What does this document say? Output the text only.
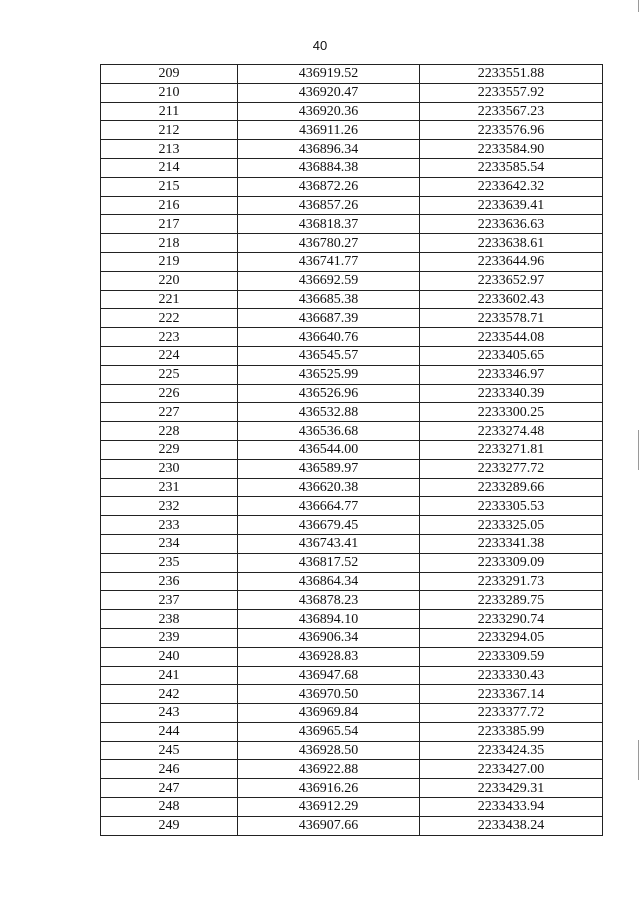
40
209	436919.52	2233551.88
210	436920.47	2233557.92
211	436920.36	2233567.23
212	436911.26	2233576.96
213	436896.34	2233584.90
214	436884.38	2233585.54
215	436872.26	2233642.32
216	436857.26	2233639.41
217	436818.37	2233636.63
218	436780.27	2233638.61
219	436741.77	2233644.96
220	436692.59	2233652.97
221	436685.38	2233602.43
222	436687.39	2233578.71
223	436640.76	2233544.08
224	436545.57	2233405.65
225	436525.99	2233346.97
226	436526.96	2233340.39
227	436532.88	2233300.25
228	436536.68	2233274.48
229	436544.00	2233271.81
230	436589.97	2233277.72
231	436620.38	2233289.66
232	436664.77	2233305.53
233	436679.45	2233325.05
234	436743.41	2233341.38
235	436817.52	2233309.09
236	436864.34	2233291.73
237	436878.23	2233289.75
238	436894.10	2233290.74
239	436906.34	2233294.05
240	436928.83	2233309.59
241	436947.68	2233330.43
242	436970.50	2233367.14
243	436969.84	2233377.72
244	436965.54	2233385.99
245	436928.50	2233424.35
246	436922.88	2233427.00
247	436916.26	2233429.31
248	436912.29	2233433.94
249	436907.66	2233438.24
